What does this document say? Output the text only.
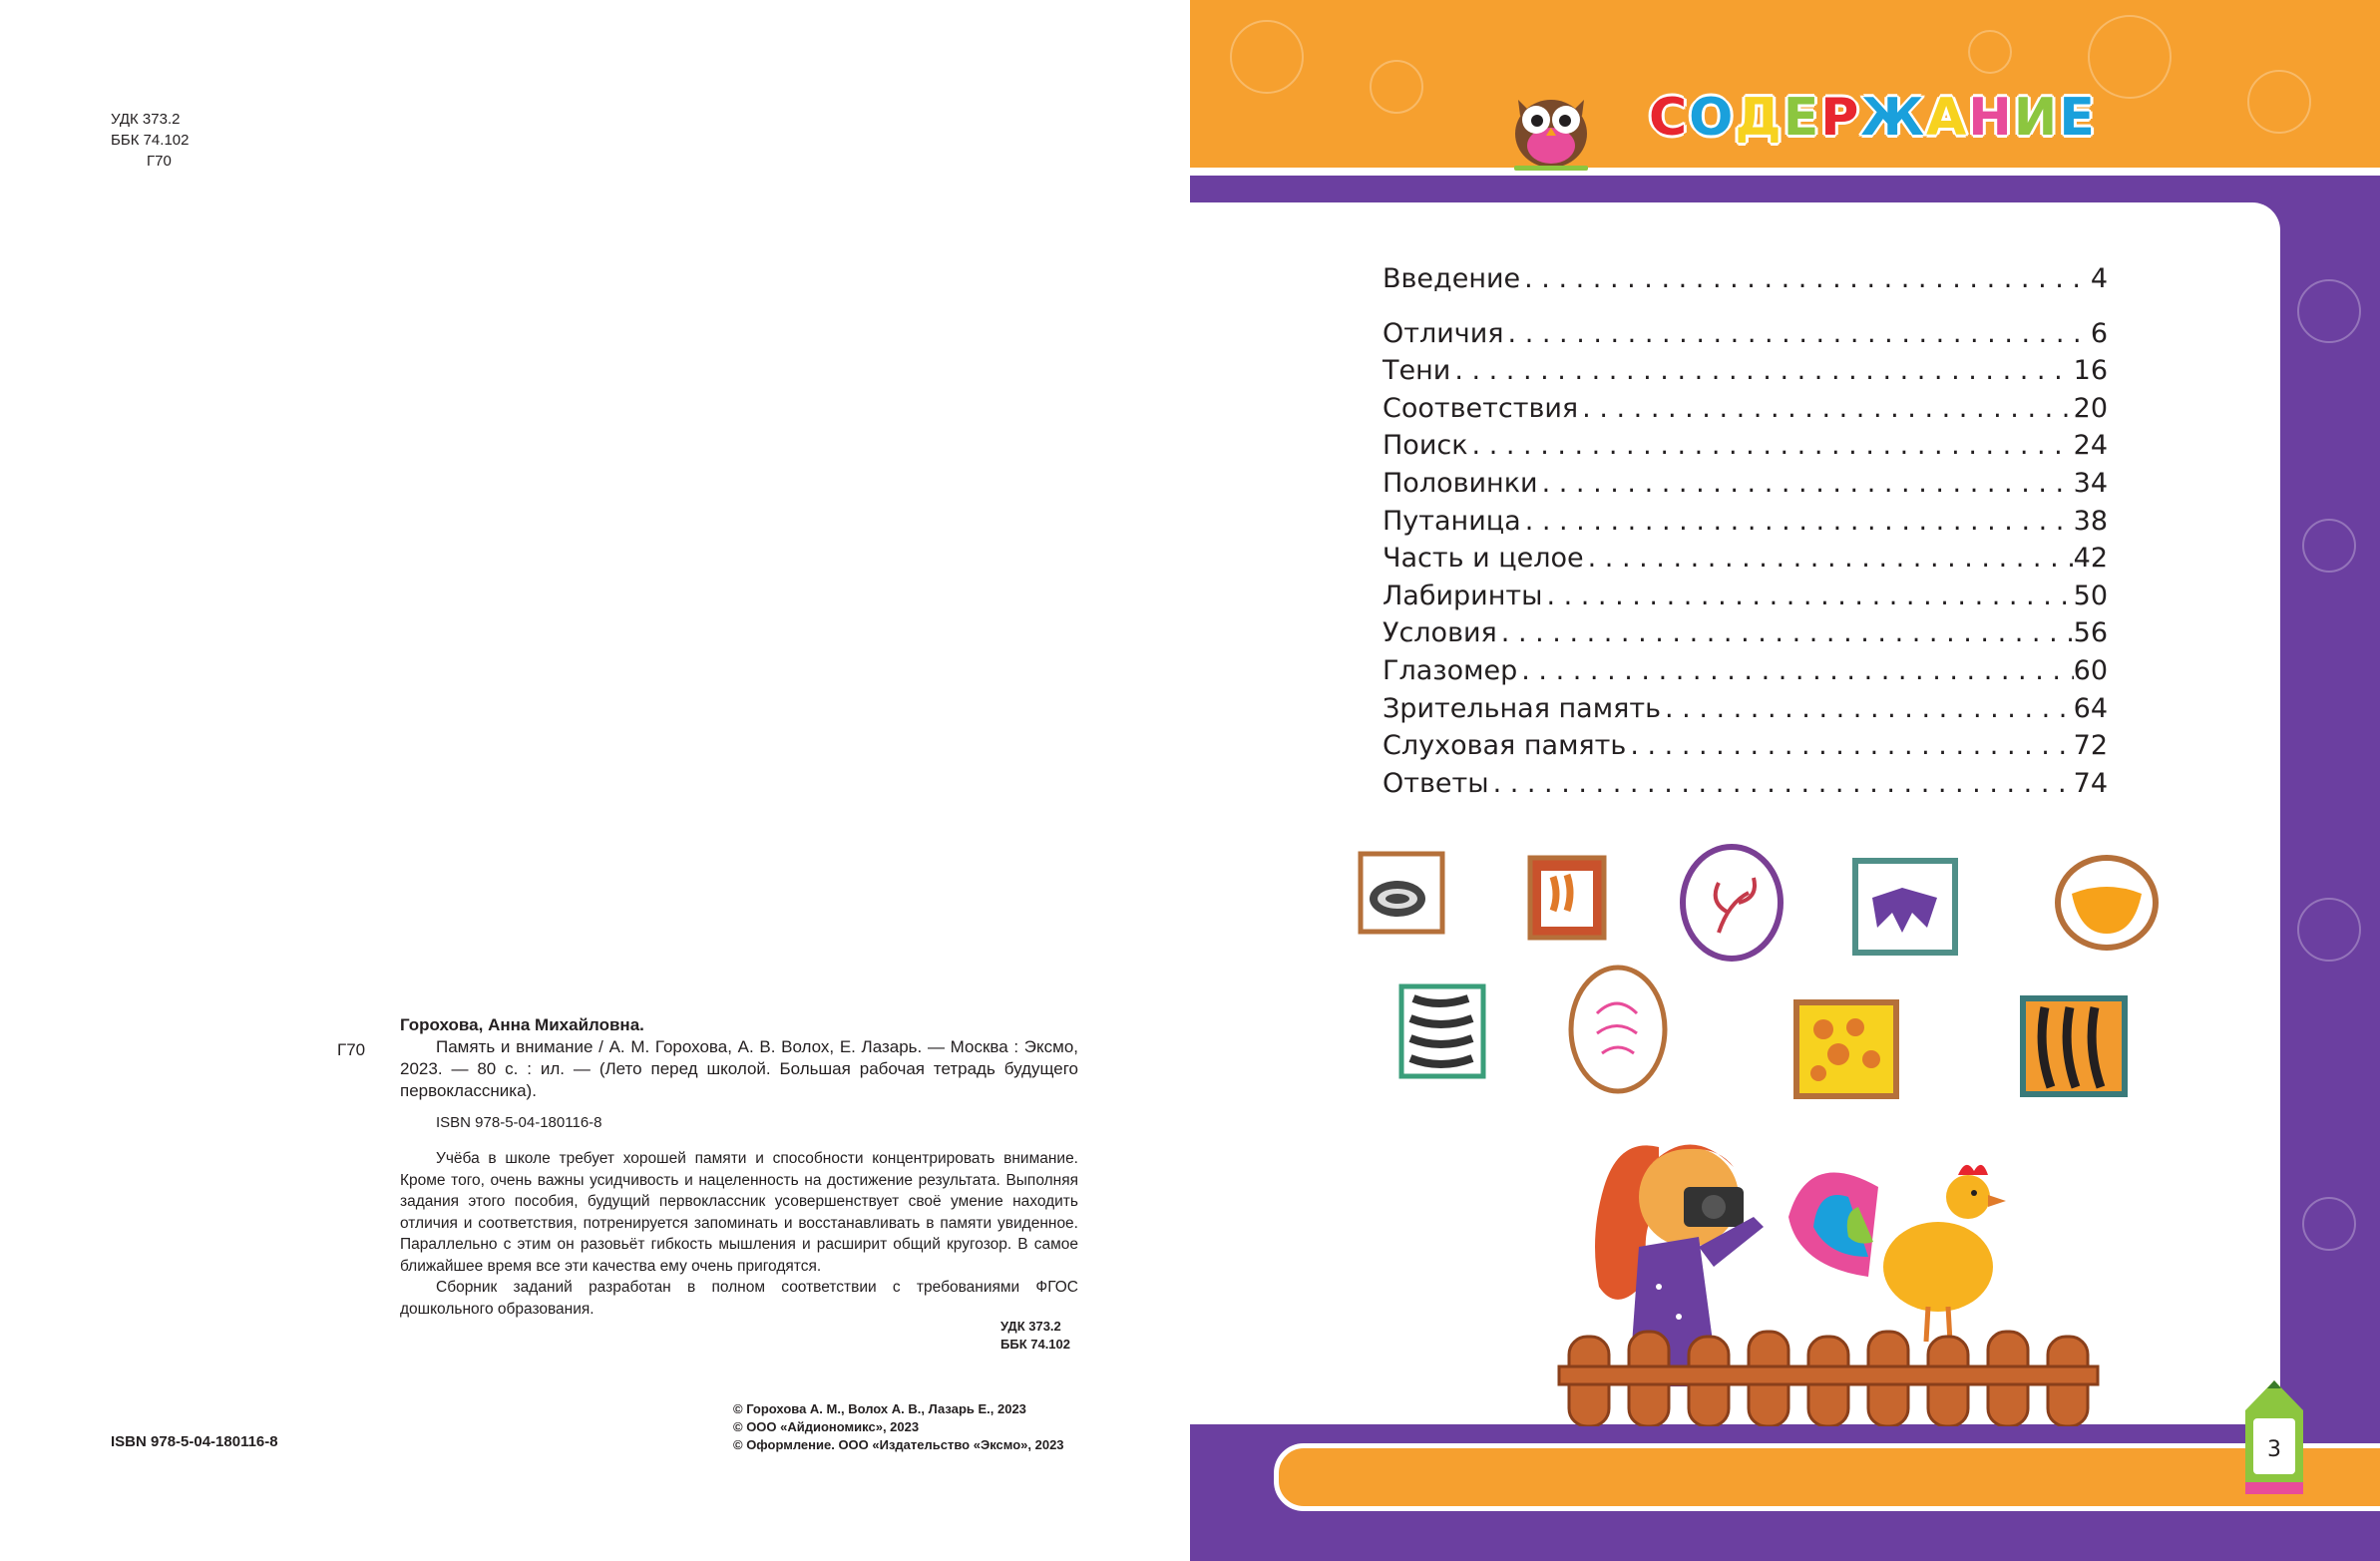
УДК 373.2
ББК 74.102
Г70
Г70
Горохова, Анна Михайловна.
Память и внимание / А. М. Горохова, А. В. Волох, Е. Лазарь. — Москва : Эксмо, 2023. — 80 с. : ил. — (Лето перед школой. Большая рабочая тетрадь будущего первоклассника).
ISBN 978-5-04-180116-8

Учёба в школе требует хорошей памяти и способности концентрировать внимание. Кроме того, очень важны усидчивость и нацеленность на достижение результата. Выполняя задания этого пособия, будущий первоклассник усовершенствует своё умение находить отличия и соответствия, потренируется запоминать и восстанавливать в памяти увиденное. Параллельно с этим он разовьёт гибкость мышления и расширит общий кругозор. В самое ближайшее время все эти качества ему очень пригодятся.

Сборник заданий разработан в полном соответствии с требованиями ФГОС дошкольного образования.

УДК 373.2
ББК 74.102
ISBN 978-5-04-180116-8
© Горохова А. М., Волох А. В., Лазарь Е., 2023
© ООО «Айдиономикс», 2023
© Оформление. ООО «Издательство «Эксмо», 2023
СОДЕРЖАНИЕ
Введение . . .	4
Отличия . . .	6
Тени . . .	16
Соответствия . . .	20
Поиск . . .	24
Половинки . . .	34
Путаница . . .	38
Часть и целое . . .	42
Лабиринты . . .	50
Условия . . .	56
Глазомер . . .	60
Зрительная память . . .	64
Слуховая память . . .	72
Ответы . . .	74
3
